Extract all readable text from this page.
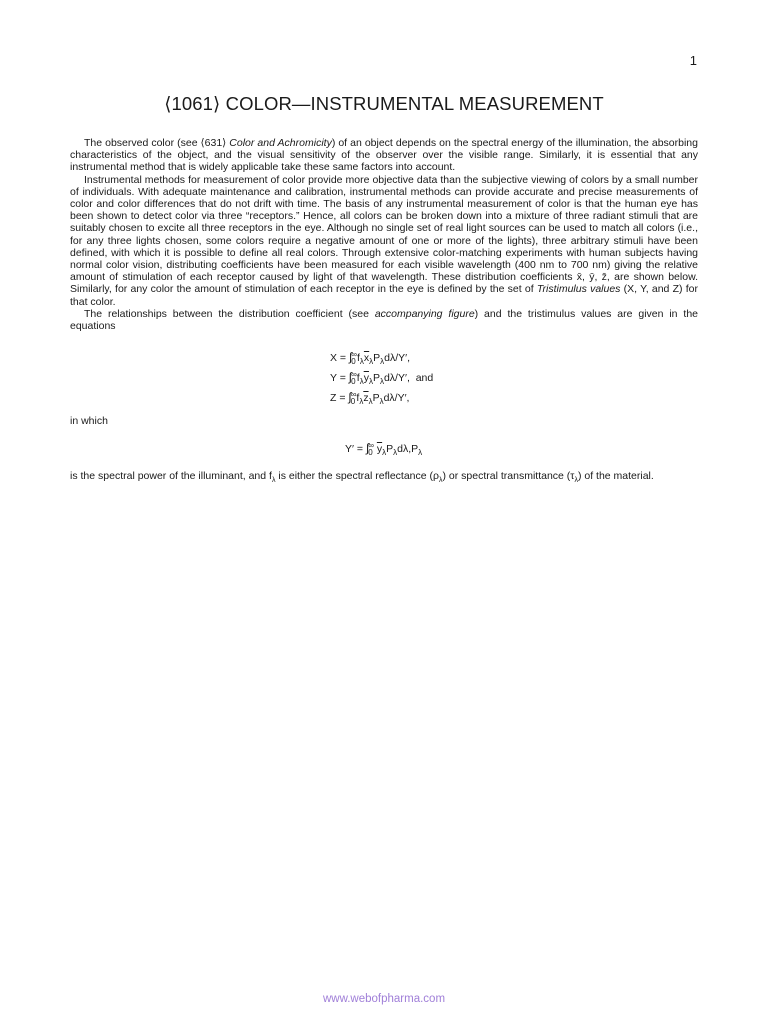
1
⟨1061⟩ COLOR—INSTRUMENTAL MEASUREMENT

The observed color (see ⟨631⟩ Color and Achromicity) of an object depends on the spectral energy of the illumination, the absorbing characteristics of the object, and the visual sensitivity of the observer over the visible range. Similarly, it is essential that any instrumental method that is widely applicable take these same factors into account.

Instrumental methods for measurement of color provide more objective data than the subjective viewing of colors by a small number of individuals. With adequate maintenance and calibration, instrumental methods can provide accurate and precise measurements of color and color differences that do not drift with time. The basis of any instrumental measurement of color is that the human eye has been shown to detect color via three “receptors.” Hence, all colors can be broken down into a mixture of three radiant stimuli that are suitably chosen to excite all three receptors in the eye. Although no single set of real light sources can be used to match all colors (i.e., for any three lights chosen, some colors require a negative amount of one or more of the lights), three arbitrary stimuli have been defined, with which it is possible to define all real colors. Through extensive color-matching experiments with human subjects having normal color vision, distributing coefficients have been measured for each visible wavelength (400 nm to 700 nm) giving the relative amount of stimulation of each receptor caused by light of that wavelength. These distribution coefficients x̄, ȳ, z̄, are shown below. Similarly, for any color the amount of stimulation of each receptor in the eye is defined by the set of Tristimulus values (X, Y, and Z) for that color.

The relationships between the distribution coefficient (see accompanying figure) and the tristimulus values are given in the equations

X = ∫∞
$0f_\lambda\overline{x}_\lambda P_\lambda d\lambda/Y'$,
Y = ∫∞
$0f_\lambda\overline{y}_\lambda P_\lambda d\lambda/Y'$, and
Z = ∫∞
$0f_\lambda\overline{z}_\lambda P_\lambda d\lambda/Y'$,
in which
Y′ = ∫∞
0 $\overline{y}_\lambda P_\lambda d\lambda,P_\lambda$
is the spectral power of the illuminant, and $f_\lambda$ is either the spectral reflectance $(\rho_\lambda)$ or spectral transmittance $(\tau_\lambda)$ of the material.
www.webofpharma.com
